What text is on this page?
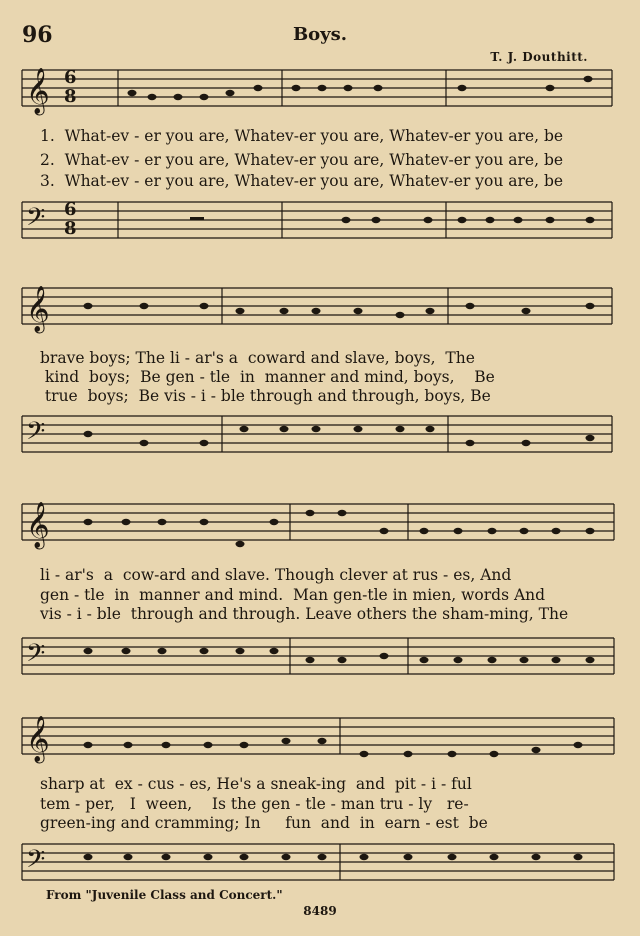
96	Boys.
T. J. Douthitt.
𝄞 6
8
1.  What-ev - er you are, Whatev-er you are, Whatev-er you are, be
2.  What-ev - er you are, Whatev-er you are, Whatev-er you are, be
3.  What-ev - er you are, Whatev-er you are, Whatev-er you are, be
𝄢 6
8
𝄞
brave boys; The li - ar's a  coward and slave, boys,  The
kind  boys;  Be gen - tle  in  manner and mind, boys,    Be
true  boys;  Be vis - i - ble through and through, boys, Be
𝄢
𝄞
li - ar's  a  cow-ard and slave. Though clever at rus - es, And
gen - tle  in  manner and mind.  Man gen-tle in mien, words And
vis - i - ble  through and through. Leave others the sham-ming, The
𝄢
𝄞
sharp at  ex - cus - es, He's a sneak-ing  and  pit - i - ful
tem - per,   I  ween,    Is the gen - tle - man tru - ly   re-
green-ing and cramming; In     fun  and  in  earn - est  be
𝄢
From "Juvenile Class and Concert."
8489
